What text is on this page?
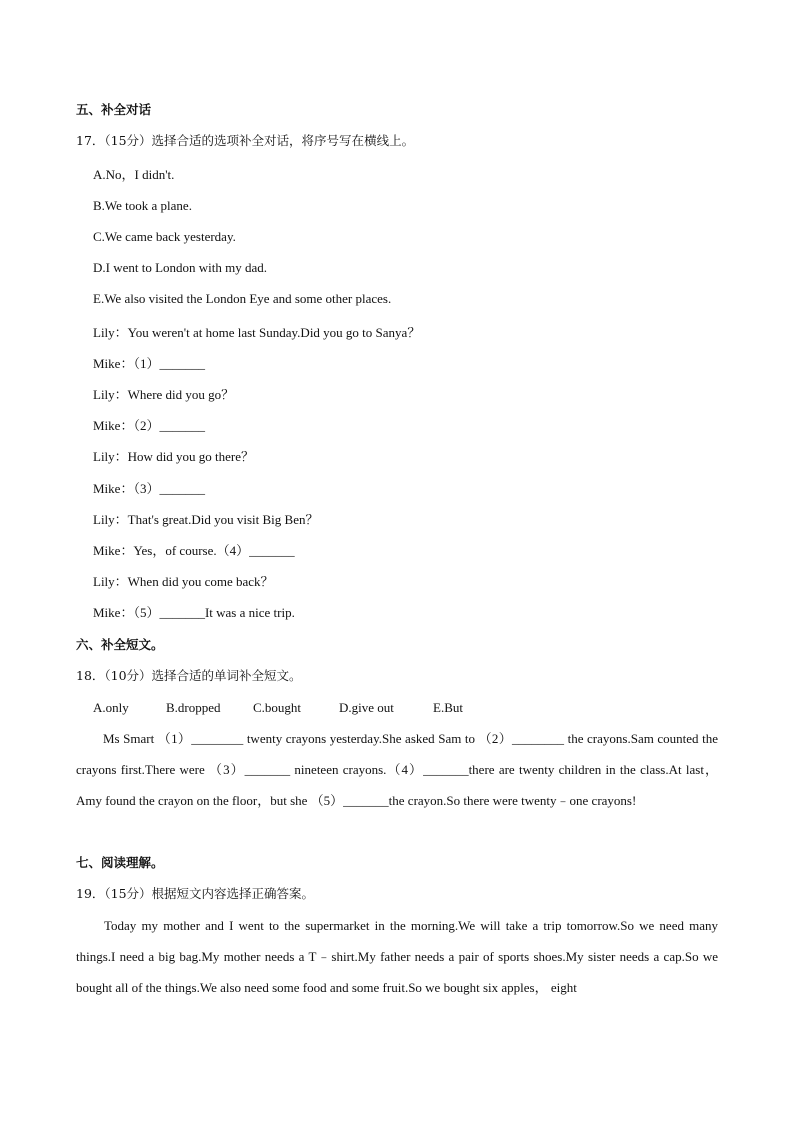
五、补全对话
17．（15分）选择合适的选项补全对话，将序号写在横线上。
A.No，I didn't.
B.We took a plane.
C.We came back yesterday.
D.I went to London with my dad.
E.We also visited the London Eye and some other places.
Lily：You weren't at home last Sunday.Did you go to Sanya？
Mike：（1）_______
Lily：Where did you go？
Mike：（2）_______
Lily：How did you go there？
Mike：（3）_______
Lily：That's great.Did you visit Big Ben？
Mike：Yes，of course.（4）_______
Lily：When did you come back？
Mike：（5）_______It was a nice trip.
六、补全短文。
18．（10分）选择合适的单词补全短文。
A.only	B.dropped	C.bought	D.give out	E.But

Ms Smart （1）________ twenty crayons yesterday.She asked Sam to （2）________ the crayons.Sam counted the crayons first.There were （3）_______ nineteen crayons.（4）_______there are twenty children in the class.At last，Amy found the crayon on the floor，but she （5）_______the crayon.So there were twenty﹣one crayons!

七、阅读理解。
19．（15分）根据短文内容选择正确答案。

Today my mother and I went to the supermarket in the morning.We will take a trip tomorrow.So we need many things.I need a big bag.My mother needs a T﹣shirt.My father needs a pair of sports shoes.My sister needs a cap.So we bought all of the things.We also need some food and some fruit.So we bought six apples， eight
